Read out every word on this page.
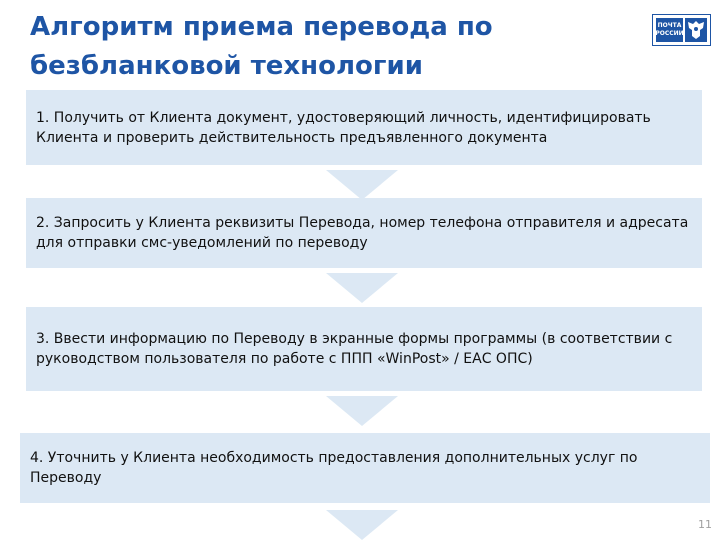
Алгоритм приема перевода по безбланковой технологии
ПОЧТА
РОССИИ
1. Получить от Клиента документ, удостоверяющий личность, идентифицировать Клиента и проверить действительность предъявленного документа
2. Запросить у Клиента реквизиты Перевода, номер телефона отправителя и адресата для отправки смс-уведомлений по переводу
3. Ввести информацию по Переводу в экранные формы программы (в соответствии с руководством пользователя по работе с ППП «WinPost» / ЕАС ОПС)
4. Уточнить у Клиента необходимость предоставления дополнительных услуг по Переводу
11
